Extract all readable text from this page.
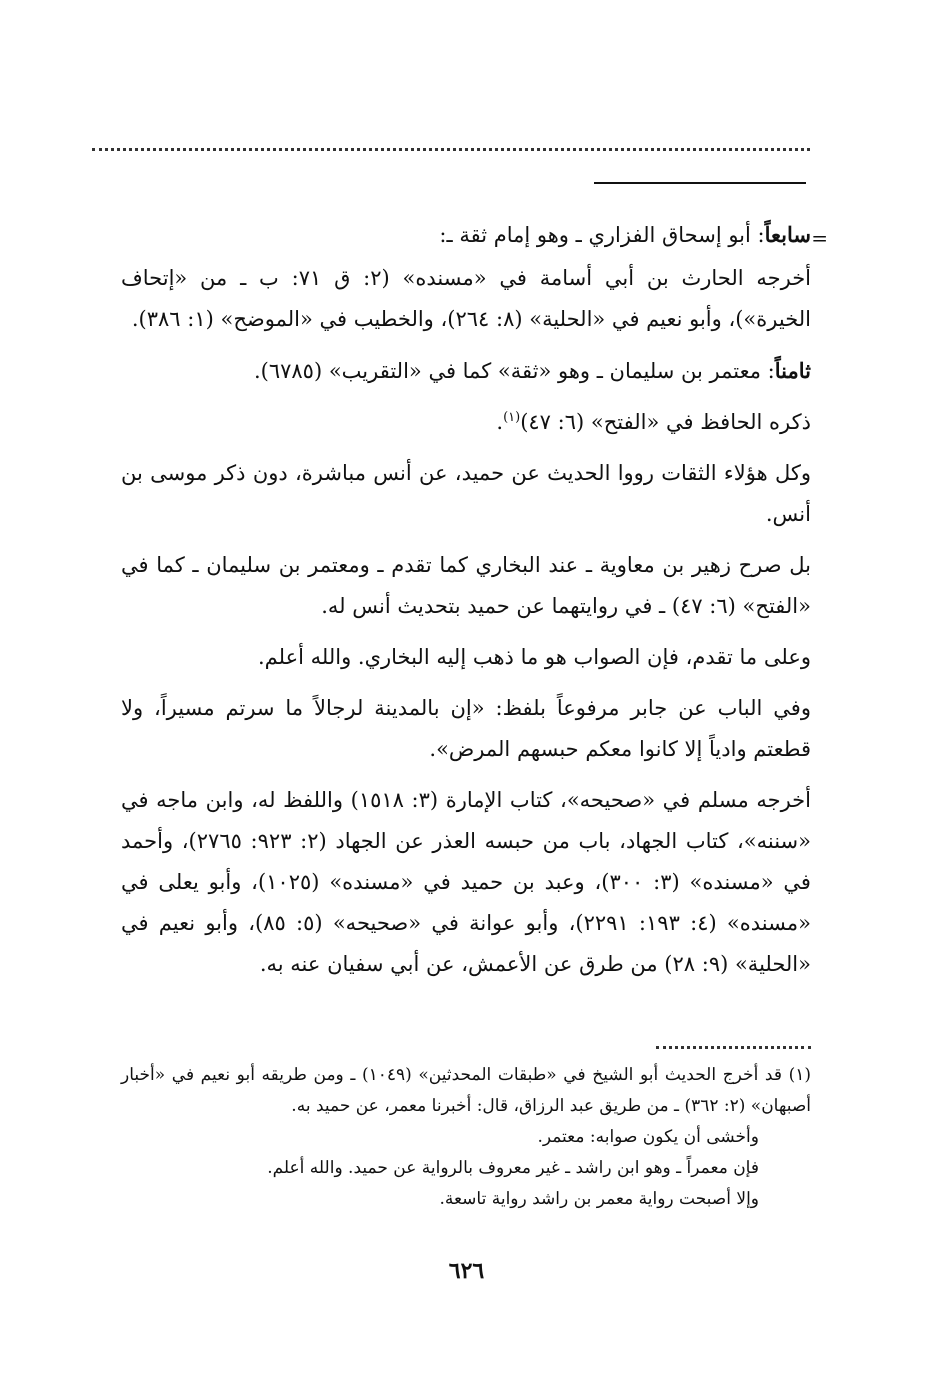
=

سابعاً: أبو إسحاق الفزاري ـ وهو إمام ثقة ـ:

أخرجه الحارث بن أبي أسامة في «مسنده» (٢: ق ٧١: ب ـ من «إتحاف الخيرة»)، وأبو نعيم في «الحلية» (٨: ٢٦٤)، والخطيب في «الموضح» (١: ٣٨٦).

ثامناً: معتمر بن سليمان ـ وهو «ثقة» كما في «التقريب» (٦٧٨٥).

ذكره الحافظ في «الفتح» (٦: ٤٧)$^{(١)}$.

وكل هؤلاء الثقات رووا الحديث عن حميد، عن أنس مباشرة، دون ذكر موسى بن أنس.

بل صرح زهير بن معاوية ـ عند البخاري كما تقدم ـ ومعتمر بن سليمان ـ كما في «الفتح» (٦: ٤٧) ـ في روايتهما عن حميد بتحديث أنس له.

وعلى ما تقدم، فإن الصواب هو ما ذهب إليه البخاري. والله أعلم.

وفي الباب عن جابر مرفوعاً بلفظ: «إن بالمدينة لرجالاً ما سرتم مسيراً، ولا قطعتم وادياً إلا كانوا معكم حبسهم المرض».

أخرجه مسلم في «صحيحه»، كتاب الإمارة (٣: ١٥١٨) واللفظ له، وابن ماجه في «سننه»، كتاب الجهاد، باب من حبسه العذر عن الجهاد (٢: ٩٢٣: ٢٧٦٥)، وأحمد في «مسنده» (٣: ٣٠٠)، وعبد بن حميد في «مسنده» (١٠٢٥)، وأبو يعلى في «مسنده» (٤: ١٩٣: ٢٢٩١)، وأبو عوانة في «صحيحه» (٥: ٨٥)، وأبو نعيم في «الحلية» (٩: ٢٨) من طرق عن الأعمش، عن أبي سفيان عنه به.

(١) قد أخرج الحديث أبو الشيخ في «طبقات المحدثين» (١٠٤٩) ـ ومن طريقه أبو نعيم في «أخبار أصبهان» (٢: ٣٦٢) ـ من طريق عبد الرزاق، قال: أخبرنا معمر، عن حميد به.

وأخشى أن يكون صوابه: معتمر.

فإن معمراً ـ وهو ابن راشد ـ غير معروف بالرواية عن حميد. والله أعلم.

وإلا أصبحت رواية معمر بن راشد رواية تاسعة.

٦٢٦
